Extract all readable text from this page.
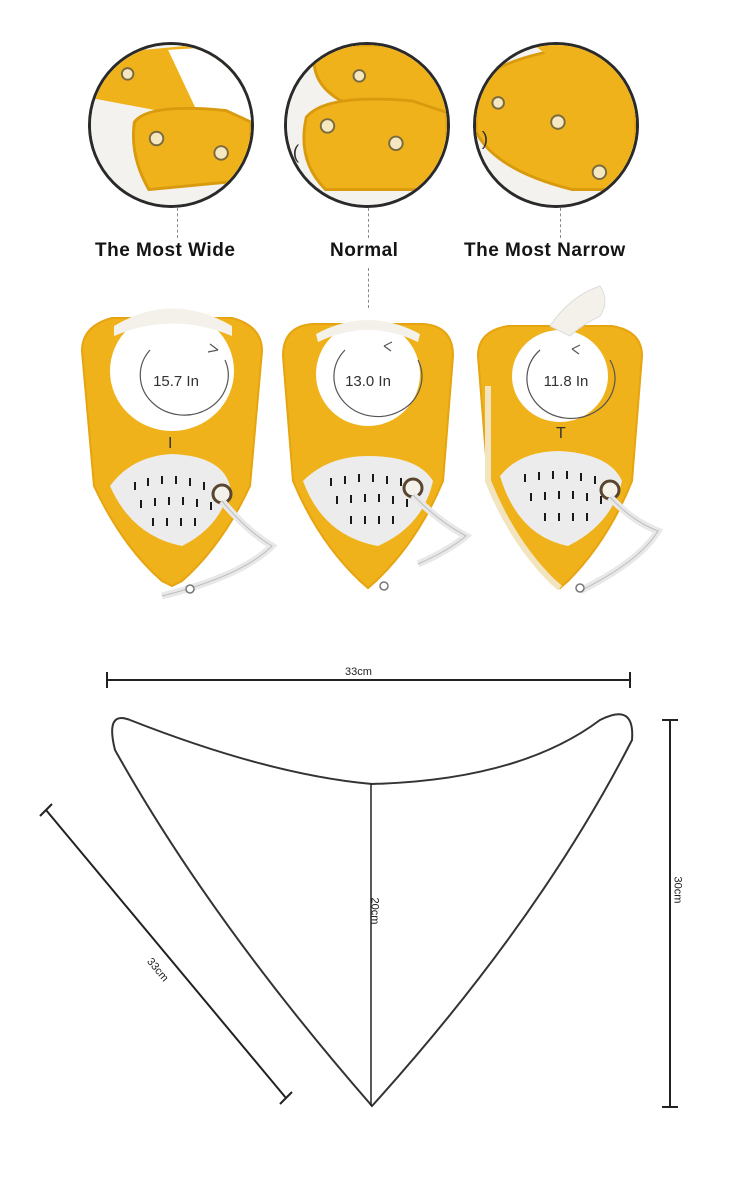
(
)
The Most Wide	Normal	The Most Narrow
I
T
15.7 In	13.0 In	11.8 In
33cm
20cm
30cm
33cm
